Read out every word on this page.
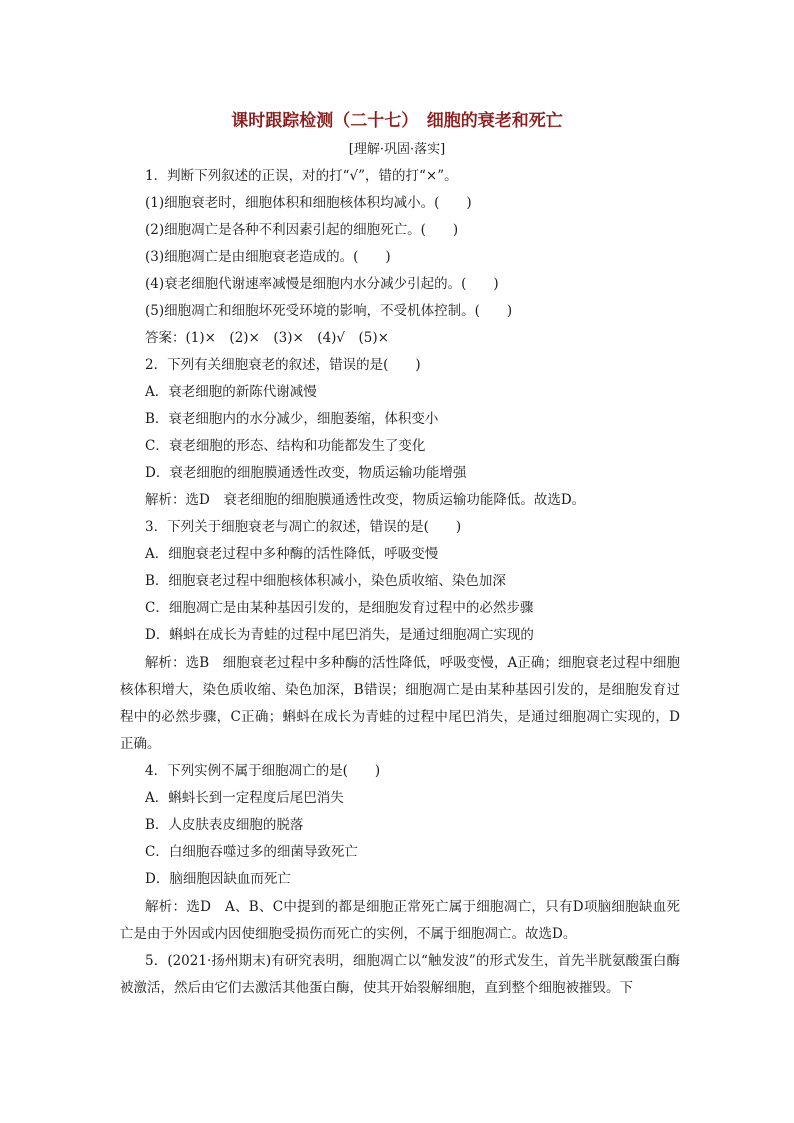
课时跟踪检测（二十七）　细胞的衰老和死亡
[理解·巩固·落实]
1．判断下列叙述的正误，对的打“√”，错的打“×”。
(1)细胞衰老时，细胞体积和细胞核体积均减小。(　　)
(2)细胞凋亡是各种不利因素引起的细胞死亡。(　　)
(3)细胞凋亡是由细胞衰老造成的。(　　)
(4)衰老细胞代谢速率减慢是细胞内水分减少引起的。(　　)
(5)细胞凋亡和细胞坏死受环境的影响，不受机体控制。(　　)
答案：(1)×　(2)×　(3)×　(4)√　(5)×
2．下列有关细胞衰老的叙述，错误的是(　　)
A．衰老细胞的新陈代谢减慢
B．衰老细胞内的水分减少，细胞萎缩，体积变小
C．衰老细胞的形态、结构和功能都发生了变化
D．衰老细胞的细胞膜通透性改变，物质运输功能增强
解析：选D　衰老细胞的细胞膜通透性改变，物质运输功能降低。故选D。
3．下列关于细胞衰老与凋亡的叙述，错误的是(　　)
A．细胞衰老过程中多种酶的活性降低，呼吸变慢
B．细胞衰老过程中细胞核体积减小，染色质收缩、染色加深
C．细胞凋亡是由某种基因引发的，是细胞发育过程中的必然步骤
D．蝌蚪在成长为青蛙的过程中尾巴消失，是通过细胞凋亡实现的
解析：选B　细胞衰老过程中多种酶的活性降低，呼吸变慢，A正确；细胞衰老过程中细胞核体积增大，染色质收缩、染色加深，B错误；细胞凋亡是由某种基因引发的，是细胞发育过程中的必然步骤，C正确；蝌蚪在成长为青蛙的过程中尾巴消失，是通过细胞凋亡实现的，D正确。
4．下列实例不属于细胞凋亡的是(　　)
A．蝌蚪长到一定程度后尾巴消失
B．人皮肤表皮细胞的脱落
C．白细胞吞噬过多的细菌导致死亡
D．脑细胞因缺血而死亡
解析：选D　A、B、C中提到的都是细胞正常死亡属于细胞凋亡，只有D项脑细胞缺血死亡是由于外因或内因使细胞受损伤而死亡的实例，不属于细胞凋亡。故选D。
5．(2021·扬州期末)有研究表明，细胞凋亡以“触发波”的形式发生，首先半胱氨酸蛋白酶被激活，然后由它们去激活其他蛋白酶，使其开始裂解细胞，直到整个细胞被摧毁。下
